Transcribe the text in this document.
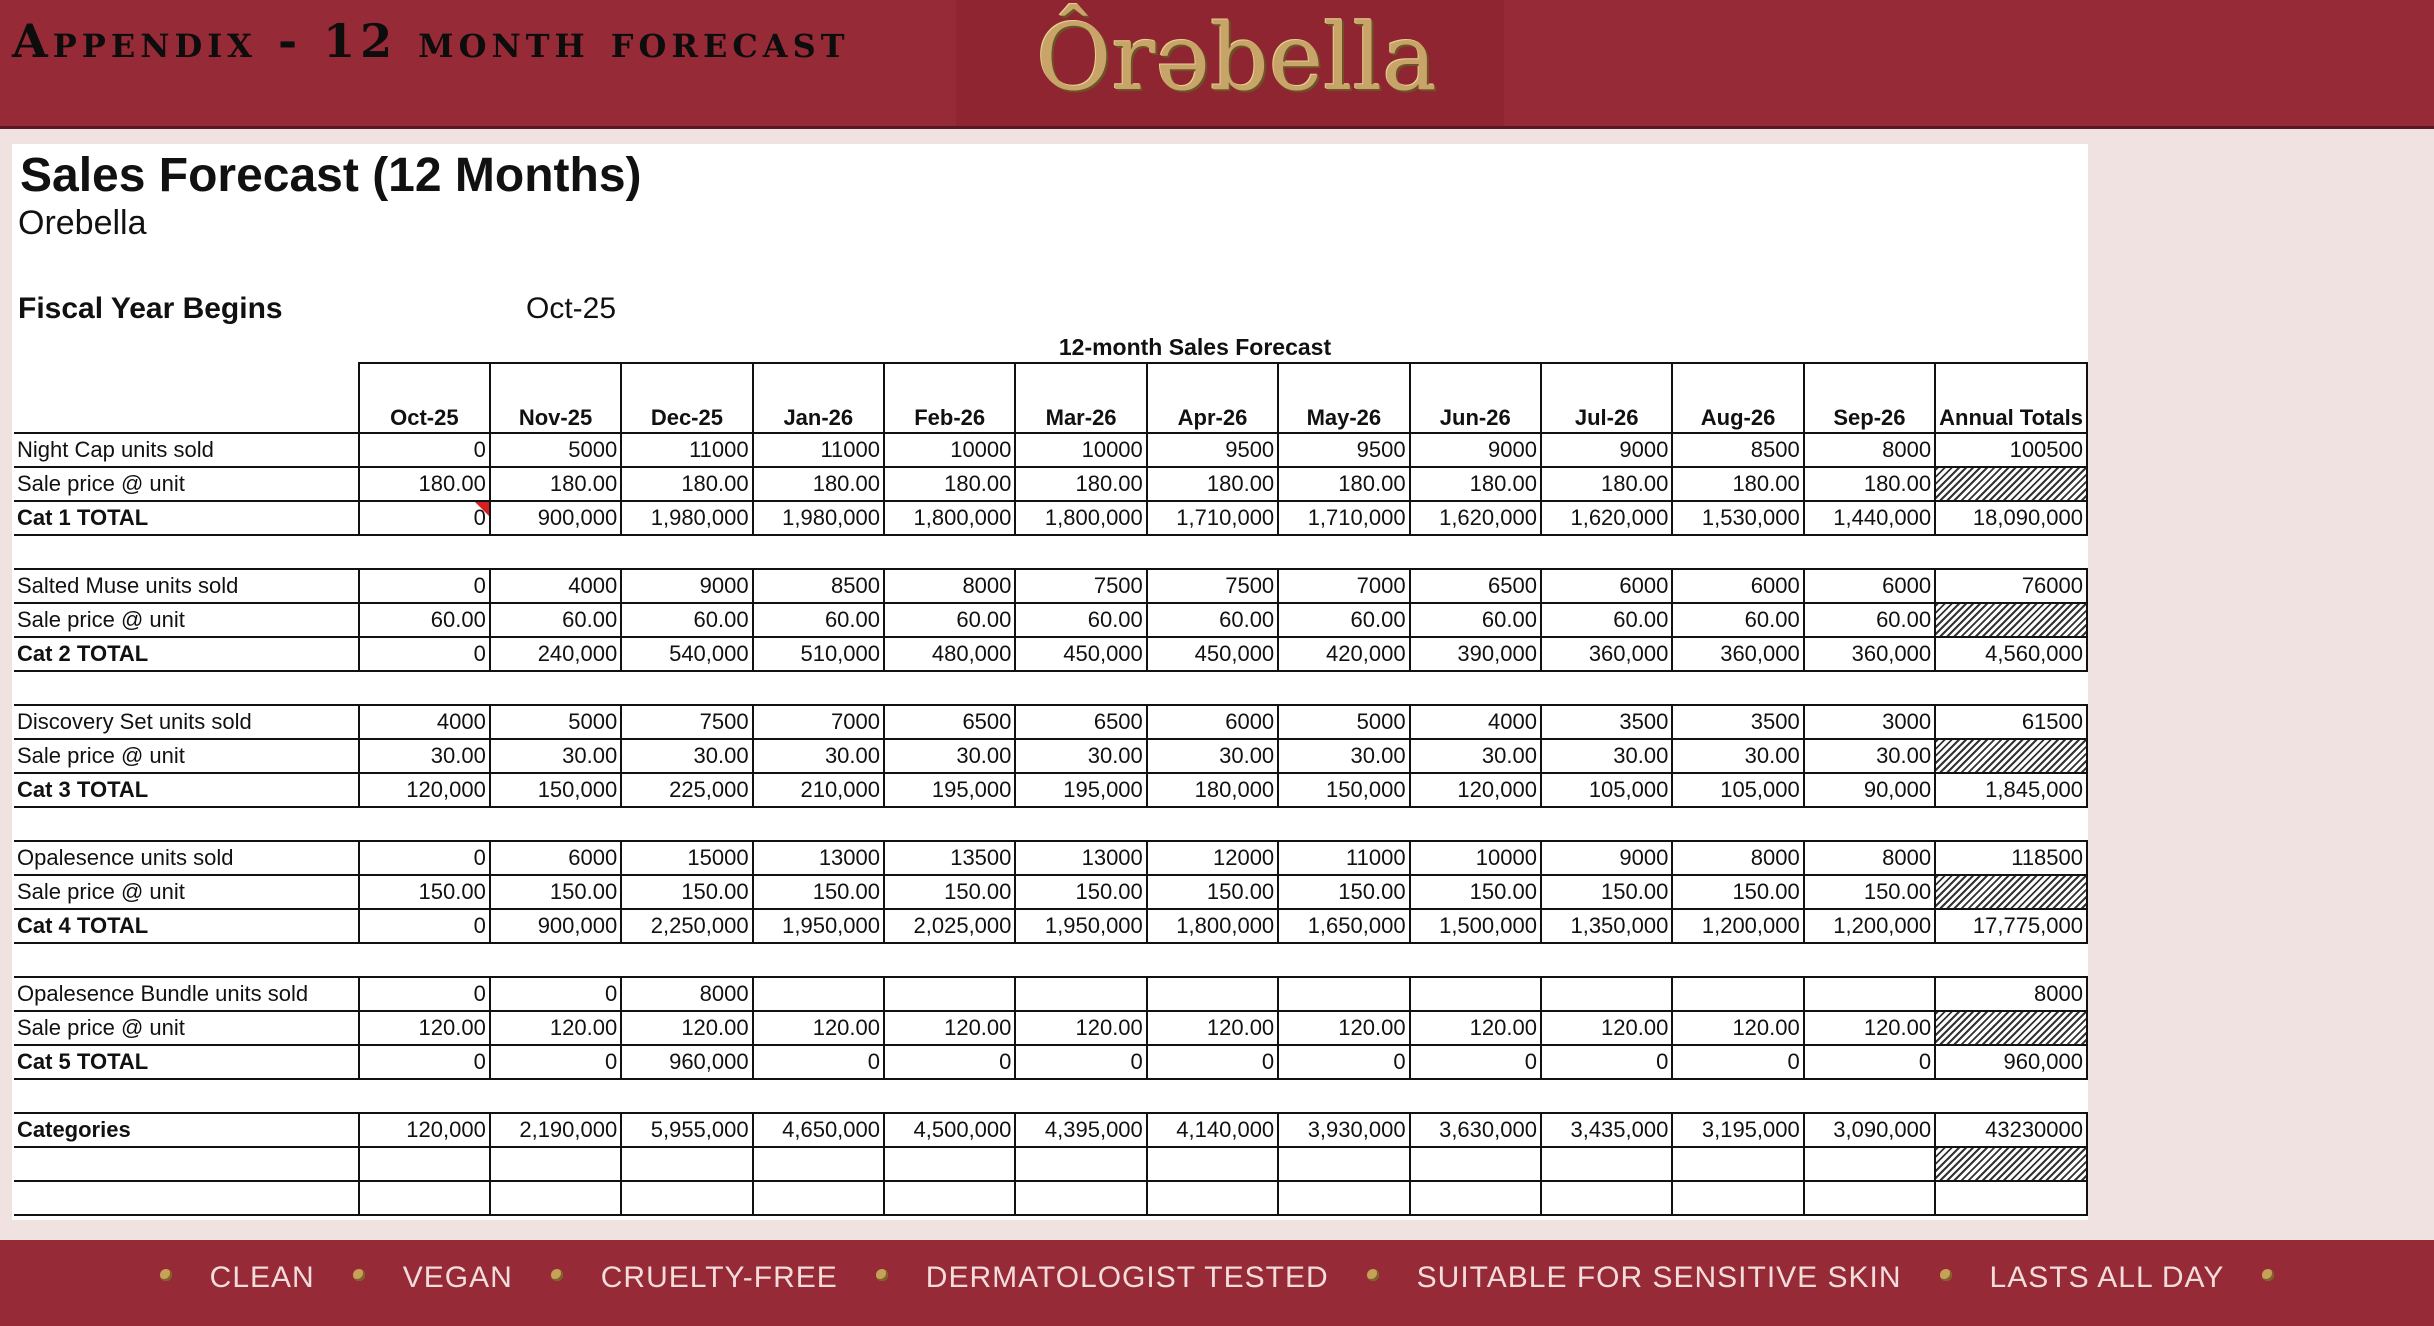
Appendix - 12 month forecast Ôrəbella
Sales Forecast (12 Months)
Orebella
Fiscal Year Begins	Oct-25
12-month Sales Forecast
	Oct-25	Nov-25	Dec-25	Jan-26	Feb-26	Mar-26	Apr-26	May-26	Jun-26	Jul-26	Aug-26	Sep-26	Annual Totals
Night Cap units sold	0	5000	11000	11000	10000	10000	9500	9500	9000	9000	8500	8000	100500
Sale price @ unit	180.00	180.00	180.00	180.00	180.00	180.00	180.00	180.00	180.00	180.00	180.00	180.00	
Cat 1 TOTAL	0	900,000	1,980,000	1,980,000	1,800,000	1,800,000	1,710,000	1,710,000	1,620,000	1,620,000	1,530,000	1,440,000	18,090,000

Salted Muse units sold	0	4000	9000	8500	8000	7500	7500	7000	6500	6000	6000	6000	76000
Sale price @ unit	60.00	60.00	60.00	60.00	60.00	60.00	60.00	60.00	60.00	60.00	60.00	60.00	
Cat 2 TOTAL	0	240,000	540,000	510,000	480,000	450,000	450,000	420,000	390,000	360,000	360,000	360,000	4,560,000

Discovery Set units sold	4000	5000	7500	7000	6500	6500	6000	5000	4000	3500	3500	3000	61500
Sale price @ unit	30.00	30.00	30.00	30.00	30.00	30.00	30.00	30.00	30.00	30.00	30.00	30.00	
Cat 3 TOTAL	120,000	150,000	225,000	210,000	195,000	195,000	180,000	150,000	120,000	105,000	105,000	90,000	1,845,000

Opalesence units sold	0	6000	15000	13000	13500	13000	12000	11000	10000	9000	8000	8000	118500
Sale price @ unit	150.00	150.00	150.00	150.00	150.00	150.00	150.00	150.00	150.00	150.00	150.00	150.00	
Cat 4 TOTAL	0	900,000	2,250,000	1,950,000	2,025,000	1,950,000	1,800,000	1,650,000	1,500,000	1,350,000	1,200,000	1,200,000	17,775,000

Opalesence Bundle units sold	0	0	8000										8000
Sale price @ unit	120.00	120.00	120.00	120.00	120.00	120.00	120.00	120.00	120.00	120.00	120.00	120.00	
Cat 5 TOTAL	0	0	960,000	0	0	0	0	0	0	0	0	0	960,000

Categories	120,000	2,190,000	5,955,000	4,650,000	4,500,000	4,395,000	4,140,000	3,930,000	3,630,000	3,435,000	3,195,000	3,090,000	43230000

CLEAN	VEGAN	CRUELTY-FREE	DERMATOLOGIST TESTED	SUITABLE FOR SENSITIVE SKIN	LASTS ALL DAY
